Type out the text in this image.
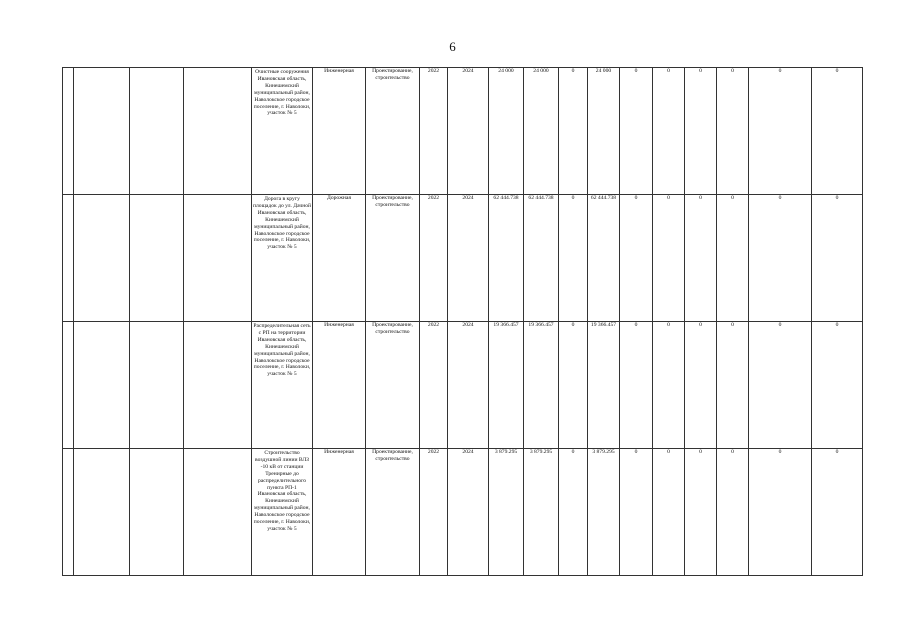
6
				Очистные сооружения Ивановская область, Кинешемский муниципальный район, Наволокское городское поселение, г. Наволоки, участок № 5	Инженерная	Проектирование, строительство	2022	2024	24 000	24 000	0	24 000	0	0	0	0	0	0
				Дорога в кругу площадок до ул. Дачной Ивановская область, Кинешемский муниципальный район, Наволокское городское поселение, г. Наволоки, участок № 5	Дорожная	Проектирование, строительство	2022	2024	62 444.738	62 444.738	0	62 444.738	0	0	0	0	0	0
				Распределительная сеть с РП на территории Ивановская область, Кинешемский муниципальный район, Наволокское городское поселение, г. Наволоки, участок № 5	Инженерная	Проектирование, строительство	2022	2024	19 366.457	19 366.457	0	19 366.457	0	0	0	0	0	0
				Строительство воздушной линии ВЛЗ -10 кВ от станции Тренирные до распределительного пункта РП-1 Ивановская область, Кинешемский муниципальный район, Наволокское городское поселение, г. Наволоки, участок № 5	Инженерная	Проектирование, строительство	2022	2024	3 879.295	3 879.295	0	3 879.295	0	0	0	0	0	0
